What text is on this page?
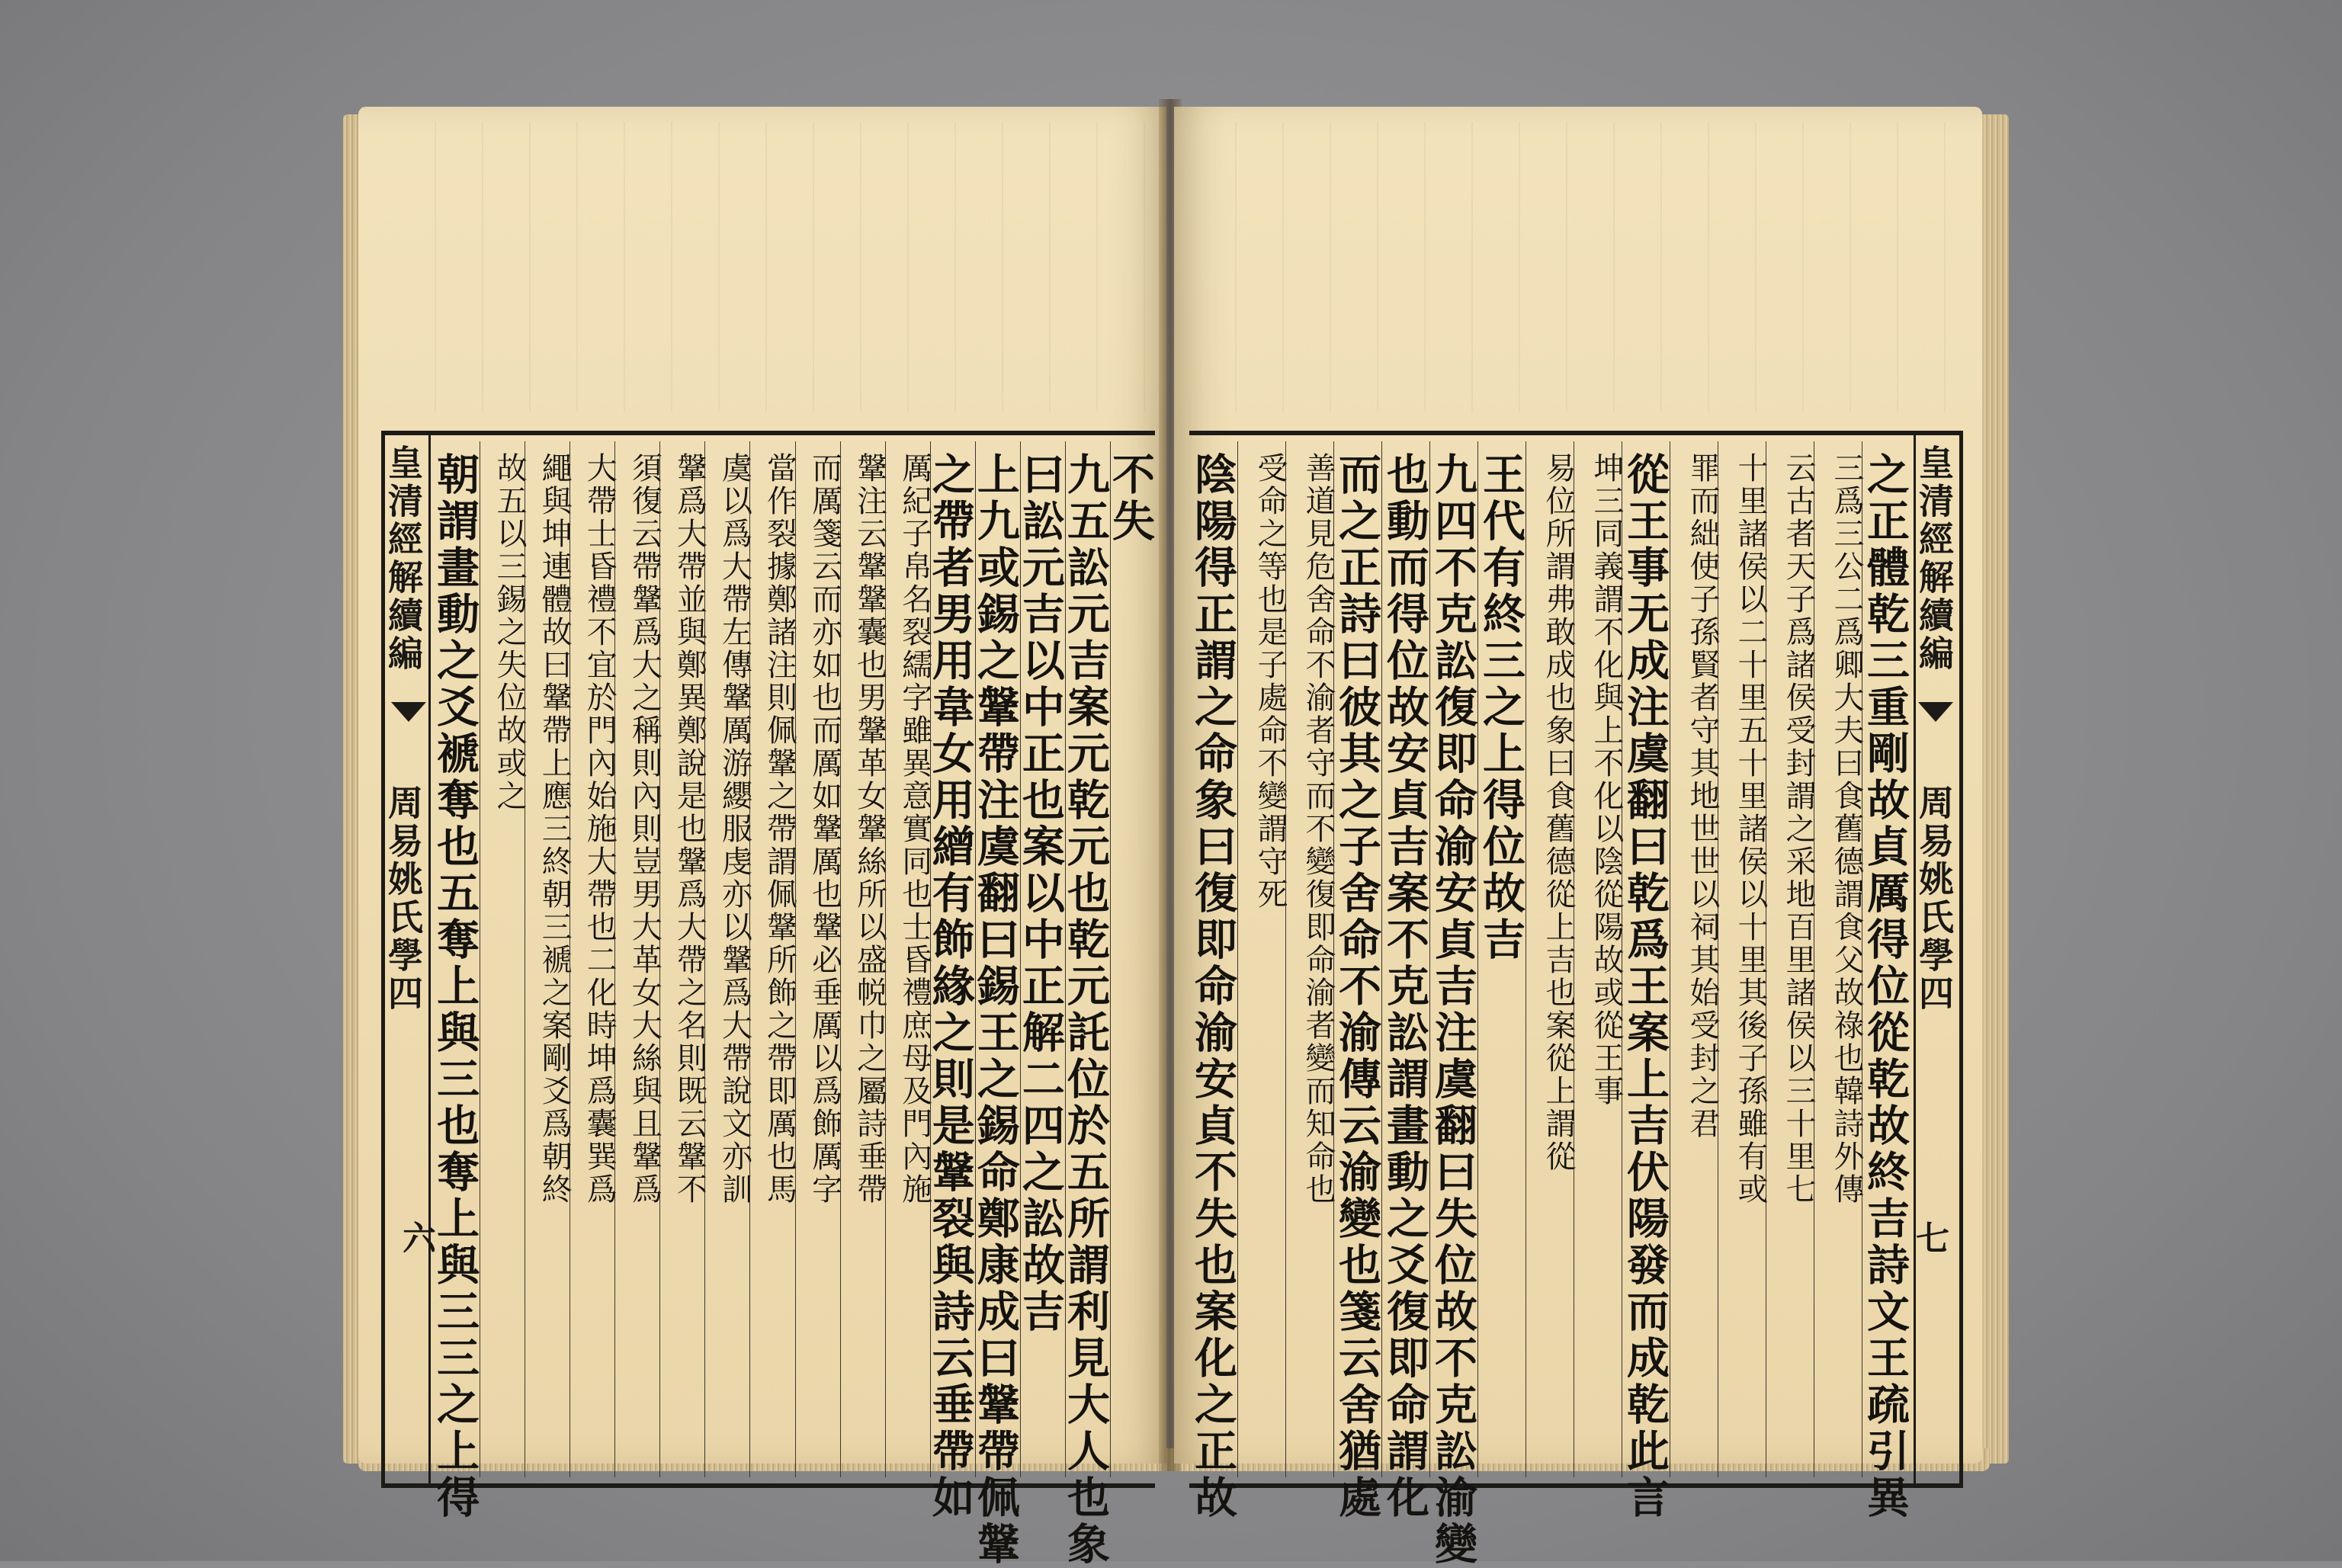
皇清經解續編  周易姚氏學四
六
不失
九五訟元吉案元乾元也乾元託位於五所謂利見大人也象
曰訟元吉以中正也案以中正解二四之訟故吉
上九或錫之鞶帶注虞翻曰錫王之錫命鄭康成曰鞶帶佩鞶
之帶者男用韋女用繒有飾緣之則是鞶裂與詩云垂帶如
厲紀子帛名裂繻字雖異意實同也士昏禮庶母及門內施
鞶注云鞶鞶囊也男鞶革女鞶絲所以盛帨巾之屬詩垂帶
而厲箋云而亦如也而厲如鞶厲也鞶必垂厲以爲飾厲字
當作裂據鄭諸注則佩鞶之帶謂佩鞶所飾之帶即厲也馬
虞以爲大帶左傳鞶厲游纓服虔亦以鞶爲大帶說文亦訓
鞶爲大帶並與鄭異鄭說是也鞶爲大帶之名則既云鞶不
須復云帶鞶爲大之稱則內則豈男大革女大絲與且鞶爲
大帶士昏禮不宜於門內始施大帶也二化時坤爲囊巽爲
繩與坤連體故曰鞶帶上應三終朝三褫之案剛爻爲朝終
故五以三錫之失位故或之
朝謂畫動之爻褫奪也五奪上與三也奪上與三三之上得	之正體乾三重剛故貞厲得位從乾故終吉詩文王疏引異
三爲三公二爲卿大夫曰食舊德謂食父故祿也韓詩外傳
云古者天子爲諸侯受封謂之采地百里諸侯以三十里七
十里諸侯以二十里五十里諸侯以十里其後子孫雖有或
罪而絀使子孫賢者守其地世世以祠其始受封之君
從王事无成注虞翻曰乾爲王案上吉伏陽發而成乾此言
坤三同義謂不化與上不化以陰從陽故或從王事
易位所謂弗敢成也象曰食舊德從上吉也案從上謂從
王代有終三之上得位故吉
九四不克訟復即命渝安貞吉注虞翻曰失位故不克訟渝變
也動而得位故安貞吉案不克訟謂畫動之爻復即命謂化
而之正詩曰彼其之子舍命不渝傳云渝變也箋云舍猶處
善道見危舍命不渝者守而不變復即命渝者變而知命也
受命之等也是子處命不變謂守死
陰陽得正謂之命象曰復即命渝安貞不失也案化之正故	皇清經解續編  周易姚氏學四
七
